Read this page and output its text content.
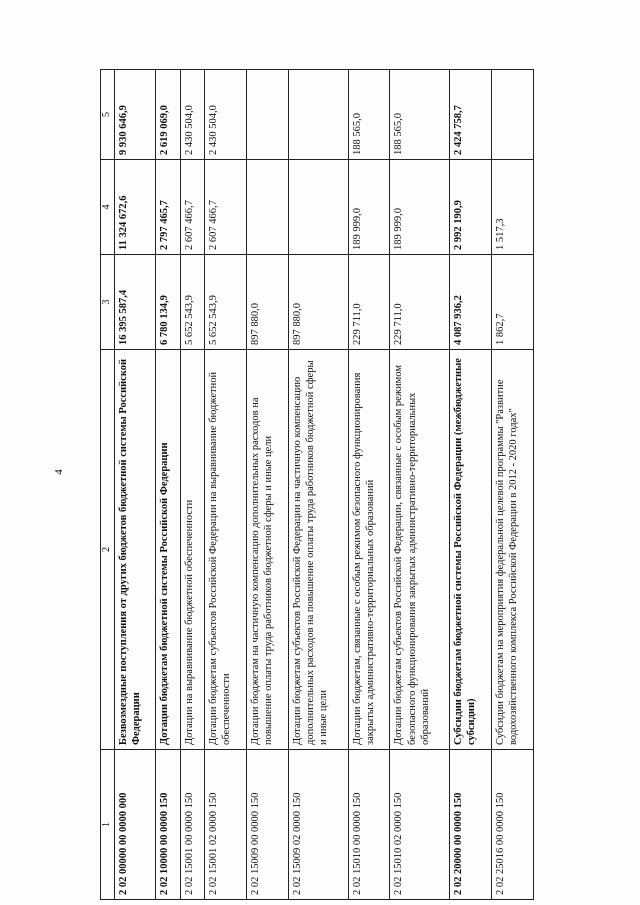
4
1	2	3	4	5
2 02 00000 00 0000 000	Безвозмездные поступления от других бюджетов бюджетной системы Российской Федерации	16 395 587,4	11 324 672,6	9 930 646,9
2 02 10000 00 0000 150	Дотации бюджетам бюджетной системы Российской Федерации	6 780 134,9	2 797 465,7	2 619 069,0
2 02 15001 00 0000 150	Дотации на выравнивание бюджетной обеспеченности	5 652 543,9	2 607 466,7	2 430 504,0
2 02 15001 02 0000 150	Дотации бюджетам субъектов Российской Федерации на выравнивание бюджетной обеспеченности	5 652 543,9	2 607 466,7	2 430 504,0
2 02 15009 00 0000 150	Дотации бюджетам на частичную компенсацию дополнительных расходов на повышение оплаты труда работников бюджетной сферы и иные цели	897 880,0		
2 02 15009 02 0000 150	Дотации бюджетам субъектов Российской Федерации на частичную компенсацию дополнительных расходов на повышение оплаты труда работников бюджетной сферы и иные цели	897 880,0		
2 02 15010 00 0000 150	Дотации бюджетам, связанные с особым режимом безопасного функционирования закрытых административно-территориальных образований	229 711,0	189 999,0	188 565,0
2 02 15010 02 0000 150	Дотации бюджетам субъектов Российской Федерации, связанные с особым режимом безопасного функционирования закрытых административно-территориальных образований	229 711,0	189 999,0	188 565,0
2 02 20000 00 0000 150	Субсидии бюджетам бюджетной системы Российской Федерации (межбюджетные субсидии)	4 087 936,2	2 992 190,9	2 424 758,7
2 02 25016 00 0000 150	Субсидии бюджетам на мероприятия федеральной целевой программы "Развитие водохозяйственного комплекса Российской Федерации в 2012 - 2020 годах"	1 862,7	1 517,3	
